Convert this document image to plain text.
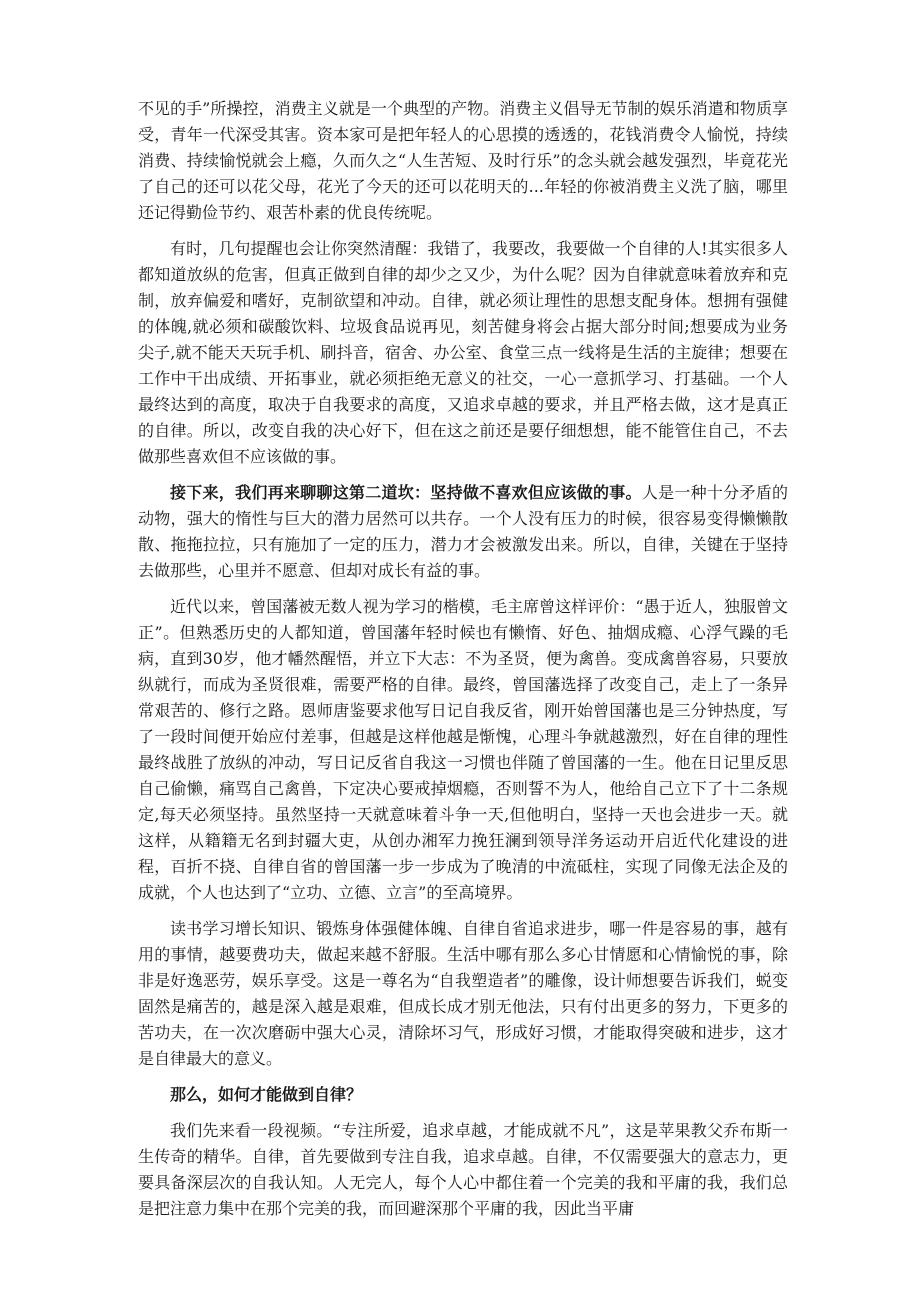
不见的手”所操控，消费主义就是一个典型的产物。消费主义倡导无节制的娱乐消遣和物质享受，青年一代深受其害。资本家可是把年轻人的心思摸的透透的，花钱消费令人愉悦，持续消费、持续愉悦就会上瘾，久而久之“人生苦短、及时行乐”的念头就会越发强烈，毕竟花光了自己的还可以花父母，花光了今天的还可以花明天的...年轻的你被消费主义洗了脑，哪里还记得勤俭节约、艰苦朴素的优良传统呢。

有时，几句提醒也会让你突然清醒：我错了，我要改，我要做一个自律的人!其实很多人都知道放纵的危害，但真正做到自律的却少之又少，为什么呢？因为自律就意味着放弃和克制，放弃偏爱和嗜好，克制欲望和冲动。自律，就必须让理性的思想支配身体。想拥有强健的体魄,就必须和碳酸饮料、垃圾食品说再见，刻苦健身将会占据大部分时间;想要成为业务尖子,就不能天天玩手机、刷抖音，宿舍、办公室、食堂三点一线将是生活的主旋律；想要在工作中干出成绩、开拓事业，就必须拒绝无意义的社交，一心一意抓学习、打基础。一个人最终达到的高度，取决于自我要求的高度，又追求卓越的要求，并且严格去做，这才是真正的自律。所以，改变自我的决心好下，但在这之前还是要仔细想想，能不能管住自己，不去做那些喜欢但不应该做的事。

接下来，我们再来聊聊这第二道坎：坚持做不喜欢但应该做的事。人是一种十分矛盾的动物，强大的惰性与巨大的潜力居然可以共存。一个人没有压力的时候，很容易变得懒懒散散、拖拖拉拉，只有施加了一定的压力，潜力才会被激发出来。所以，自律，关键在于坚持去做那些，心里并不愿意、但却对成长有益的事。

近代以来，曾国藩被无数人视为学习的楷模，毛主席曾这样评价：“愚于近人，独服曾文正”。但熟悉历史的人都知道，曾国藩年轻时候也有懒惰、好色、抽烟成瘾、心浮气躁的毛病，直到30岁，他才幡然醒悟，并立下大志：不为圣贤，便为禽兽。变成禽兽容易，只要放纵就行，而成为圣贤很难，需要严格的自律。最终，曾国藩选择了改变自己，走上了一条异常艰苦的、修行之路。恩师唐鉴要求他写日记自我反省，刚开始曾国藩也是三分钟热度，写了一段时间便开始应付差事，但越是这样他越是惭愧，心理斗争就越激烈，好在自律的理性最终战胜了放纵的冲动，写日记反省自我这一习惯也伴随了曾国藩的一生。他在日记里反思自己偷懒，痛骂自己禽兽，下定决心要戒掉烟瘾，否则誓不为人，他给自己立下了十二条规定,每天必须坚持。虽然坚持一天就意味着斗争一天,但他明白，坚持一天也会进步一天。就这样，从籍籍无名到封疆大吏，从创办湘军力挽狂澜到领导洋务运动开启近代化建设的进程，百折不挠、自律自省的曾国藩一步一步成为了晚清的中流砥柱，实现了同像无法企及的成就，个人也达到了“立功、立德、立言”的至高境界。

读书学习增长知识、锻炼身体强健体魄、自律自省追求进步，哪一件是容易的事，越有用的事情，越要费功夫，做起来越不舒服。生活中哪有那么多心甘情愿和心情愉悦的事，除非是好逸恶劳，娱乐享受。这是一尊名为“自我塑造者”的雕像，设计师想要告诉我们，蜕变固然是痛苦的，越是深入越是艰难，但成长成才别无他法，只有付出更多的努力，下更多的苦功夫，在一次次磨砺中强大心灵，清除坏习气，形成好习惯，才能取得突破和进步，这才是自律最大的意义。

那么，如何才能做到自律？

我们先来看一段视频。“专注所爱，追求卓越，才能成就不凡”，这是苹果教父乔布斯一生传奇的精华。自律，首先要做到专注自我，追求卓越。自律，不仅需要强大的意志力，更要具备深层次的自我认知。人无完人，每个人心中都住着一个完美的我和平庸的我，我们总是把注意力集中在那个完美的我，而回避深那个平庸的我，因此当平庸
